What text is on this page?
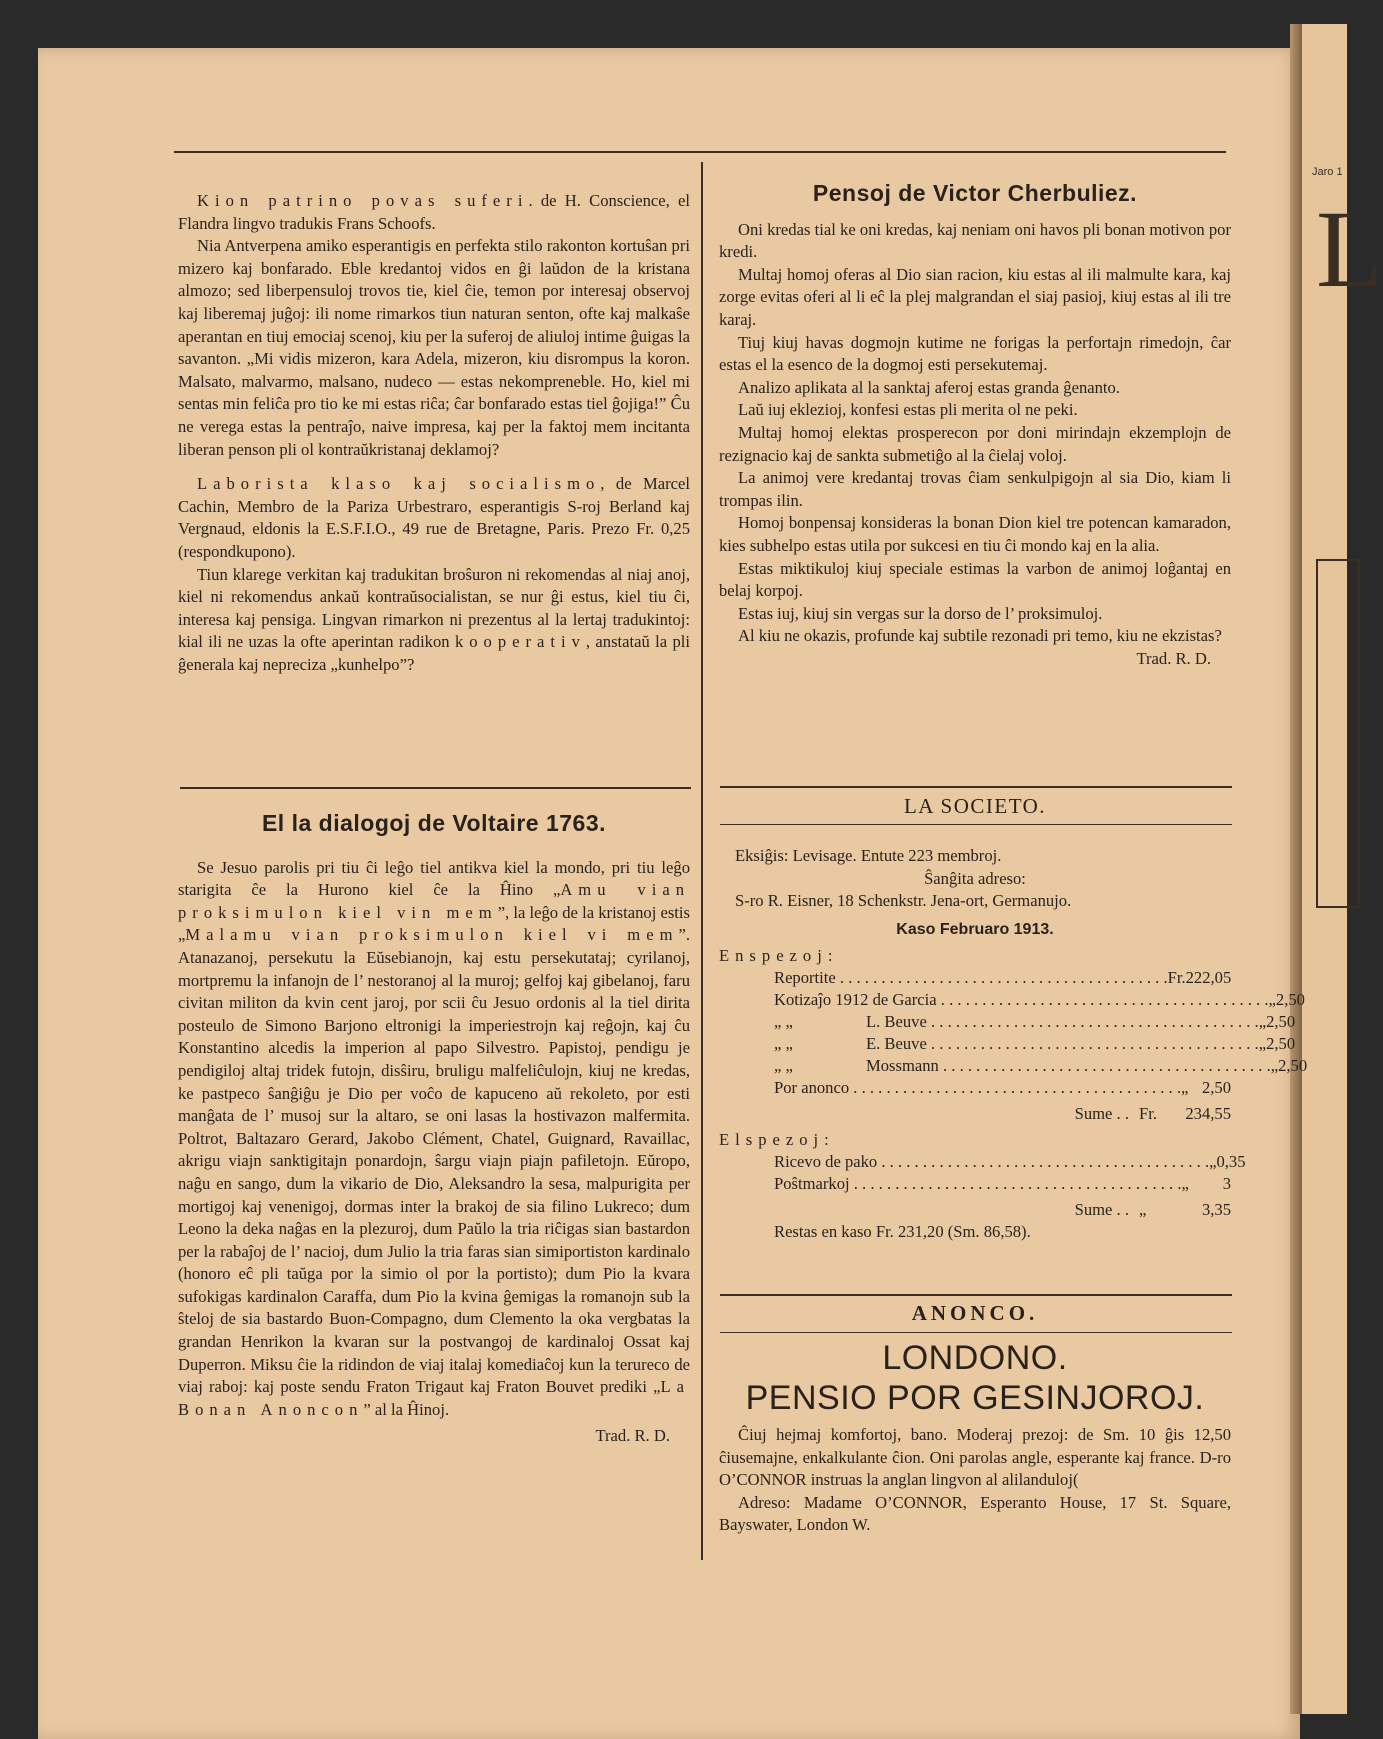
Jaro 1
L

Kion patrino povas suferi. de H. Conscience, el Flandra lingvo tradukis Frans Schoofs.

Nia Antverpena amiko esperantigis en perfekta stilo rakonton kortuŝan pri mizero kaj bonfarado. Eble kredantoj vidos en ĝi laŭdon de la kristana almozo; sed liberpensuloj trovos tie, kiel ĉie, temon por interesaj observoj kaj liberemaj juĝoj: ili nome rimarkos tiun naturan senton, ofte kaj malkaŝe aperantan en tiuj emociaj scenoj, kiu per la suferoj de aliuloj intime ĝuigas la savanton. „Mi vidis mizeron, kara Adela, mizeron, kiu disrompus la koron. Malsato, malvarmo, malsano, nudeco — estas nekompreneble. Ho, kiel mi sentas min feliĉa pro tio ke mi estas riĉa; ĉar bonfarado estas tiel ĝojiga!” Ĉu ne verega estas la pentraĵo, naive impresa, kaj per la faktoj mem incitanta liberan penson pli ol kontraŭkristanaj deklamoj?

Laborista klaso kaj socialismo, de Marcel Cachin, Membro de la Pariza Urbestraro, esperantigis S-roj Berland kaj Vergnaud, eldonis la E.S.F.I.O., 49 rue de Bretagne, Paris. Prezo Fr. 0,25 (respondkupono).

Tiun klarege verkitan kaj tradukitan broŝuron ni rekomendas al niaj anoj, kiel ni rekomendus ankaŭ kontraŭsocialistan, se nur ĝi estus, kiel tiu ĉi, interesa kaj pensiga. Lingvan rimarkon ni prezentus al la lertaj tradukintoj: kial ili ne uzas la ofte aperintan radikon kooperativ, anstataŭ la pli ĝenerala kaj nepreciza „kunhelpo”?

El la dialogoj de Voltaire 1763.

Se Jesuo parolis pri tiu ĉi leĝo tiel antikva kiel la mondo, pri tiu leĝo starigita ĉe la Hurono kiel ĉe la Ĥino „Amu vian proksimulon kiel vin mem”, la leĝo de la kristanoj estis „Malamu vian proksimulon kiel vi mem”. Atanazanoj, persekutu la Eŭsebianojn, kaj estu persekutataj; cyrilanoj, mortpremu la infanojn de l’ nestoranoj al la muroj; gelfoj kaj gibelanoj, faru civitan militon da kvin cent jaroj, por scii ĉu Jesuo ordonis al la tiel dirita posteulo de Simono Barjono eltronigi la imperiestrojn kaj reĝojn, kaj ĉu Konstantino alcedis la imperion al papo Silvestro. Papistoj, pendigu je pendigiloj altaj tridek futojn, disŝiru, bruligu malfeliĉulojn, kiuj ne kredas, ke pastpeco ŝanĝiĝu je Dio per voĉo de kapuceno aŭ rekoleto, por esti manĝata de l’ musoj sur la altaro, se oni lasas la hostivazon malfermita. Poltrot, Baltazaro Gerard, Jakobo Clément, Chatel, Guignard, Ravaillac, akrigu viajn sanktigitajn ponardojn, ŝargu viajn piajn pafiletojn. Eŭropo, naĝu en sango, dum la vikario de Dio, Aleksandro la sesa, malpurigita per mortigoj kaj venenigoj, dormas inter la brakoj de sia filino Lukreco; dum Leono la deka naĝas en la plezuroj, dum Paŭlo la tria riĉigas sian bastardon per la rabaĵoj de l’ nacioj, dum Julio la tria faras sian simiportiston kardinalo (honoro eĉ pli taŭga por la simio ol por la portisto); dum Pio la kvara sufokigas kardinalon Caraffa, dum Pio la kvina ĝemigas la romanojn sub la ŝteloj de sia bastardo Buon-Compagno, dum Clemento la oka vergbatas la grandan Henrikon la kvaran sur la postvangoj de kardinaloj Ossat kaj Duperron. Miksu ĉie la ridindon de viaj italaj komediaĉoj kun la terureco de viaj raboj: kaj poste sendu Fraton Trigaut kaj Fraton Bouvet prediki „La Bonan Anoncon” al la Ĥinoj.

Trad. R. D.
Pensoj de Victor Cherbuliez.

Oni kredas tial ke oni kredas, kaj neniam oni havos pli bonan motivon por kredi.

Multaj homoj oferas al Dio sian racion, kiu estas al ili malmulte kara, kaj zorge evitas oferi al li eĉ la plej malgrandan el siaj pasioj, kiuj estas al ili tre karaj.

Tiuj kiuj havas dogmojn kutime ne forigas la perfortajn rimedojn, ĉar estas el la esenco de la dogmoj esti persekutemaj.

Analizo aplikata al la sanktaj aferoj estas granda ĝenanto.

Laŭ iuj eklezioj, konfesi estas pli merita ol ne peki.

Multaj homoj elektas prosperecon por doni mirindajn ekzemplojn de rezignacio kaj de sankta submetiĝo al la ĉielaj voloj.

La animoj vere kredantaj trovas ĉiam senkulpigojn al sia Dio, kiam li trompas ilin.

Homoj bonpensaj konsideras la bonan Dion kiel tre potencan kamaradon, kies subhelpo estas utila por sukcesi en tiu ĉi mondo kaj en la alia.

Estas miktikuloj kiuj speciale estimas la varbon de animoj loĝantaj en belaj korpoj.

Estas iuj, kiuj sin vergas sur la dorso de l’ proksimuloj.

Al kiu ne okazis, profunde kaj subtile rezonadi pri temo, kiu ne ekzistas?

Trad. R. D.
LA SOCIETO.
Eksiĝis: Levisage. Entute 223 membroj.
Ŝanĝita adreso:
S-ro R. Eisner, 18 Schenkstr. Jena-ort, Germanujo.
Kaso Februaro 1913.
Enspezoj:
Reportite . . .	Fr. 222,05
Kotizaĵo 1912 de Garcia . . .	„ 2,50
„ „	L. Beuve . . .	„ 2,50
„ „	E. Beuve . . .	„ 2,50
„ „	Mossmann . . .	„ 2,50
Por anonco . . .	„ 2,50
Sume . . Fr.	234,55
Elspezoj:
Ricevo de pako . . .	„ 0,35
Poŝtmarkoj . . .	„	3
Sume . . „	3,35
Restas en kaso Fr. 231,20 (Sm. 86,58).
ANONCO.
LONDONO.
PENSIO POR GESINJOROJ.

Ĉiuj hejmaj komfortoj, bano. Moderaj prezoj: de Sm. 10 ĝis 12,50 ĉiusemajne, enkalkulante ĉion. Oni parolas angle, esperante kaj france. D-ro O’CONNOR instruas la anglan lingvon al alilanduloj(

Adreso: Madame O’CONNOR, Esperanto House, 17 St. Square, Bayswater, London W.
